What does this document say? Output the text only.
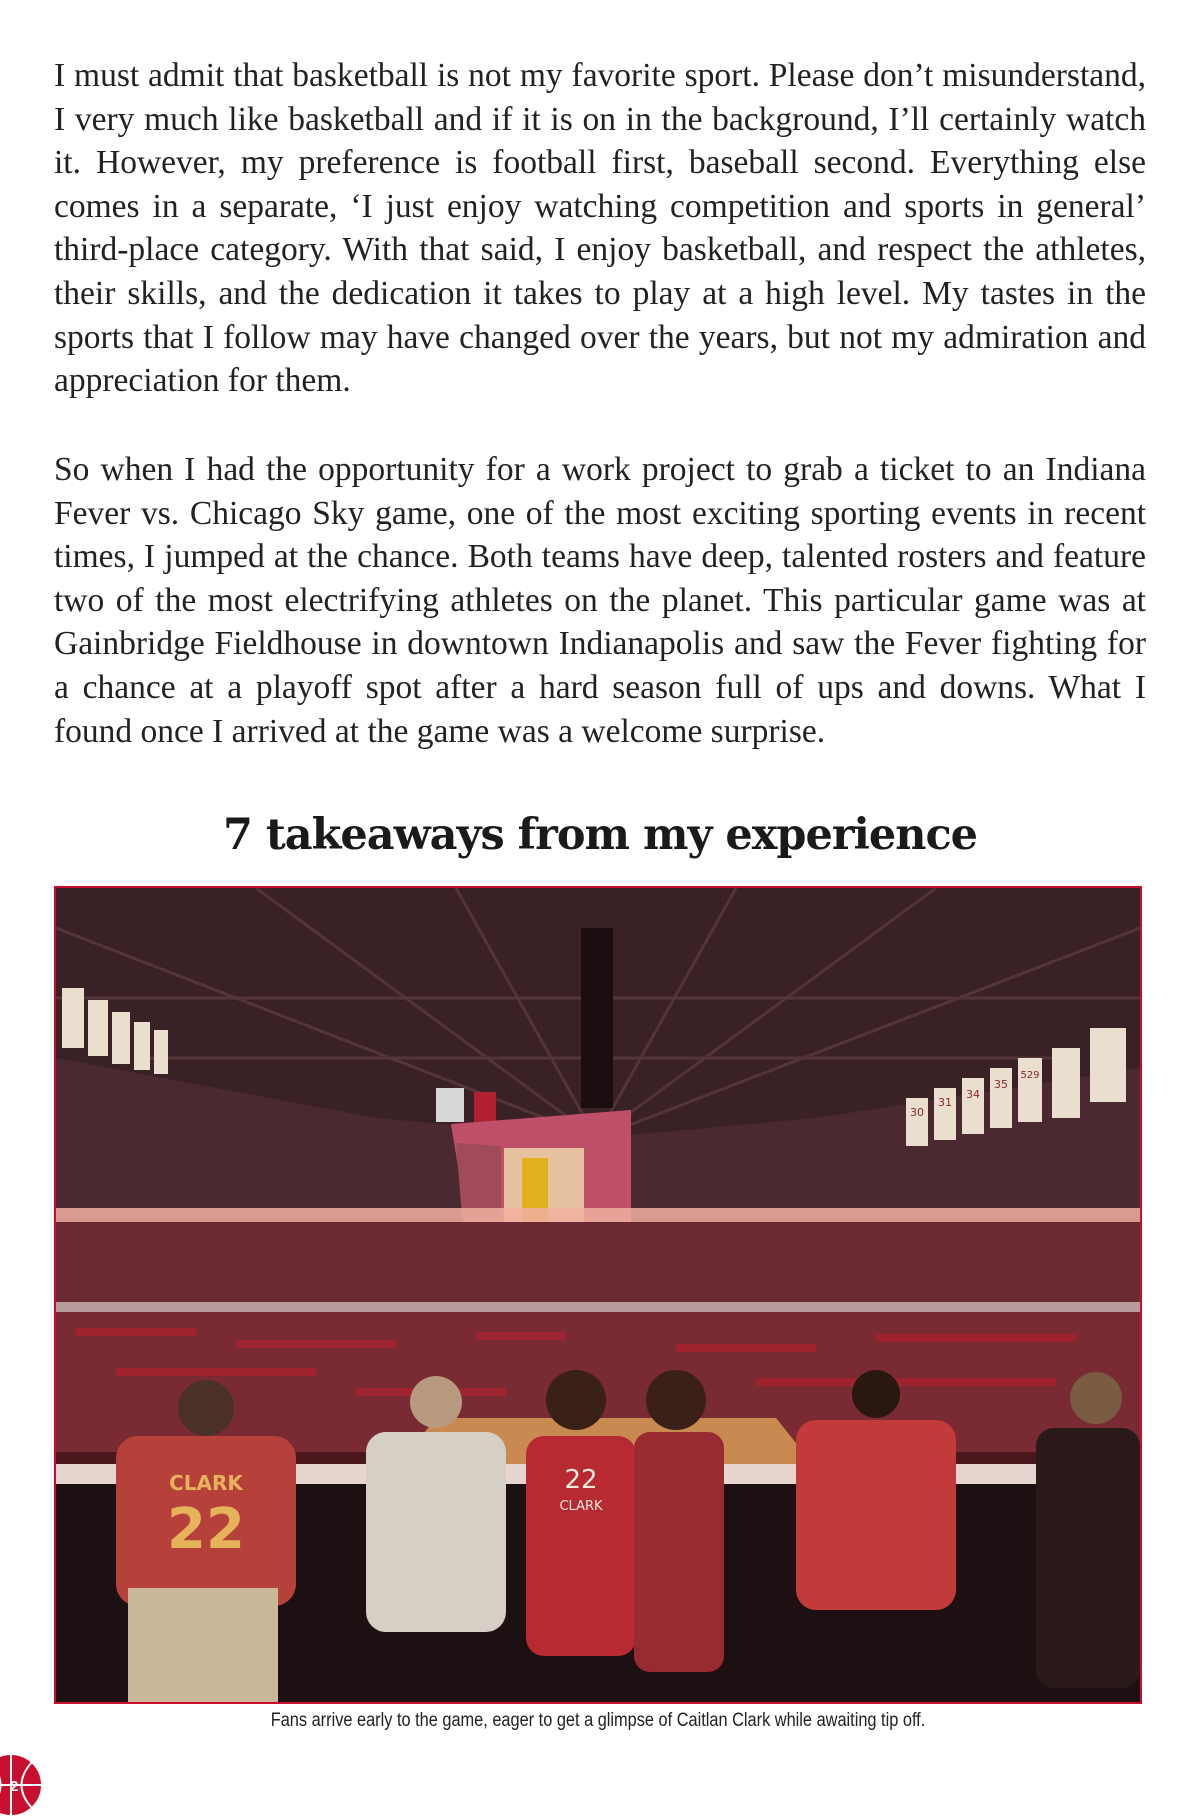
I must admit that basketball is not my favorite sport. Please don’t misunderstand, I very much like basketball and if it is on in the background, I’ll certainly watch it. However, my preference is football first, baseball second. Everything else comes in a separate, ‘I just enjoy watching competition and sports in general’ third-place category. With that said, I enjoy basketball, and respect the athletes, their skills, and the dedication it takes to play at a high level. My tastes in the sports that I follow may have changed over the years, but not my admiration and appreciation for them.

So when I had the opportunity for a work project to grab a ticket to an Indiana Fever vs. Chicago Sky game, one of the most exciting sporting events in recent times, I jumped at the chance. Both teams have deep, talented rosters and feature two of the most electrifying athletes on the planet. This particular game was at Gainbridge Fieldhouse in downtown Indianapolis and saw the Fever fighting for a chance at a playoff spot after a hard season full of ups and downs. What I found once I arrived at the game was a welcome surprise.

7 takeaways from my experience
30
31
34
35
529
CLARK
22
22
CLARK

Fans arrive early to the game, eager to get a glimpse of Caitlan Clark while awaiting tip off.

2
